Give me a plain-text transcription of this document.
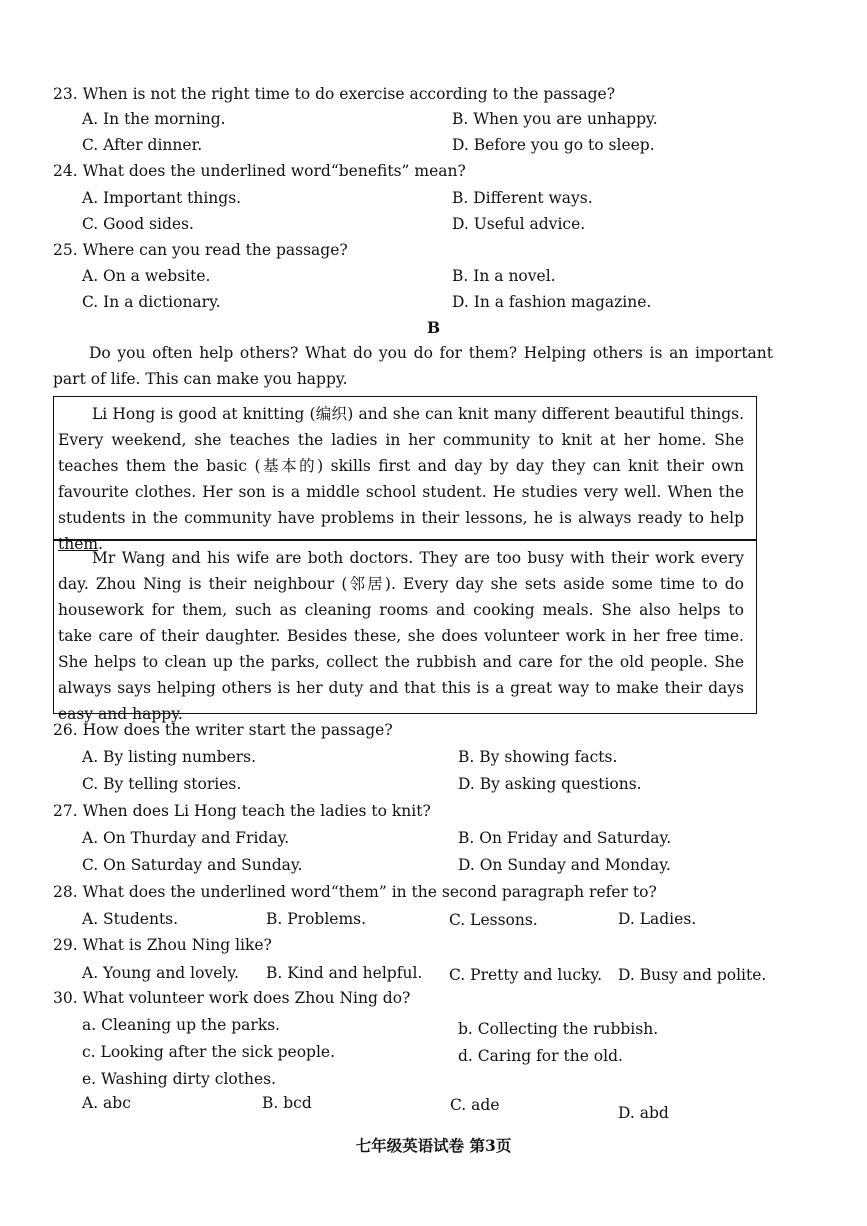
23. When is not the right time to do exercise according to the passage?
A. In the morning.	B. When you are unhappy.
C. After dinner.	D. Before you go to sleep.
24. What does the underlined word“benefits” mean?
A. Important things.	B. Different ways.
C. Good sides.	D. Useful advice.
25. Where can you read the passage?
A. On a website.	B. In a novel.
C. In a dictionary.	D. In a fashion magazine.
B
Do you often help others? What do you do for them? Helping others is an important part of life. This can make you happy.

Li Hong is good at knitting (编织) and she can knit many different beautiful things. Every weekend, she teaches the ladies in her community to knit at her home. She teaches them the basic (基本的) skills first and day by day they can knit their own favourite clothes. Her son is a middle school student. He studies very well. When the students in the community have problems in their lessons, he is always ready to help them.

Mr Wang and his wife are both doctors. They are too busy with their work every day. Zhou Ning is their neighbour (邻居). Every day she sets aside some time to do housework for them, such as cleaning rooms and cooking meals. She also helps to take care of their daughter. Besides these, she does volunteer work in her free time. She helps to clean up the parks, collect the rubbish and care for the old people. She always says helping others is her duty and that this is a great way to make their days easy and happy.

26. How does the writer start the passage?
A. By listing numbers.	B. By showing facts.
C. By telling stories.	D. By asking questions.
27. When does Li Hong teach the ladies to knit?
A. On Thurday and Friday.	B. On Friday and Saturday.
C. On Saturday and Sunday.	D. On Sunday and Monday.
28. What does the underlined word“them” in the second paragraph refer to?
A. Students.	B. Problems.	C. Lessons.	D. Ladies.
29. What is Zhou Ning like?
A. Young and lovely. B. Kind and helpful. C. Pretty and lucky. D. Busy and polite.
30. What volunteer work does Zhou Ning do?
a. Cleaning up the parks.	b. Collecting the rubbish.
c. Looking after the sick people.	d. Caring for the old.
e. Washing dirty clothes.
A. abc	B. bcd	C. ade	D. abd
七年级英语试卷 第3页
